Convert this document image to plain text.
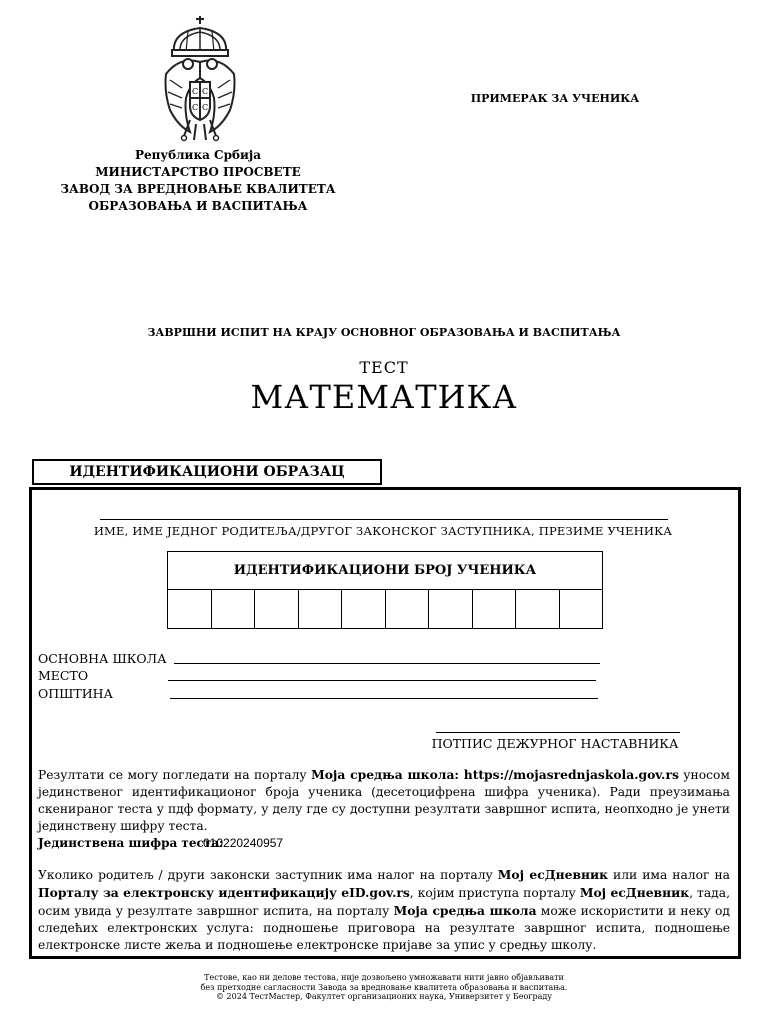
С С
С С
ПРИМЕРАК ЗА УЧЕНИКА
Република Србија
МИНИСТАРСТВО ПРОСВЕТЕ
ЗАВОД ЗА ВРЕДНОВАЊЕ КВАЛИТЕТА
ОБРАЗОВАЊА И ВАСПИТАЊА
ЗАВРШНИ ИСПИТ НА КРАЈУ ОСНОВНОГ ОБРАЗОВАЊА И ВАСПИТАЊА
ТЕСТ
МАТЕМАТИКА
ИДЕНТИФИКАЦИОНИ ОБРАЗАЦ
ИМЕ, ИМЕ ЈЕДНОГ РОДИТЕЉА/ДРУГОГ ЗАКОНСКОГ ЗАСТУПНИКА, ПРЕЗИМЕ УЧЕНИКА
ИДЕНТИФИКАЦИОНИ БРОЈ УЧЕНИКА
ОСНОВНА ШКОЛА
МЕСТО
ОПШТИНА
ПОТПИС ДЕЖУРНОГ НАСТАВНИКА
Резултати се могу погледати на порталу Моја средња школа: https://mojasrednjaskola.gov.rs уносом јединственог идентификационог броја ученика (десетоцифрена шифра ученика). Ради преузимања скенираног теста у пдф формату, у делу где су доступни резултати завршног испита, неопходно је унети јединствену шифру теста.
Јединствена шифра теста:
010220240957
Уколико родитељ / други законски заступник има налог на порталу Мој есДневник или има налог на Порталу за електронску идентификацију eID.gov.rs, којим приступа порталу Мој есДневник, тада, осим увида у резултате завршног испита, на порталу Моја средња школа може искористити и неку од следећих електронских услуга: подношење приговора на резултате завршног испита, подношење електронске листе жеља и подношење електронске пријаве за упис у средњу школу.
Тестове, као ни делове тестова, није дозвољено умножавати нити јавно објављивати
без претходне сагласности Завода за вредновање квалитета образовања и васпитања.
© 2024 ТестМастер, Факултет организационих наука, Универзитет у Београду
